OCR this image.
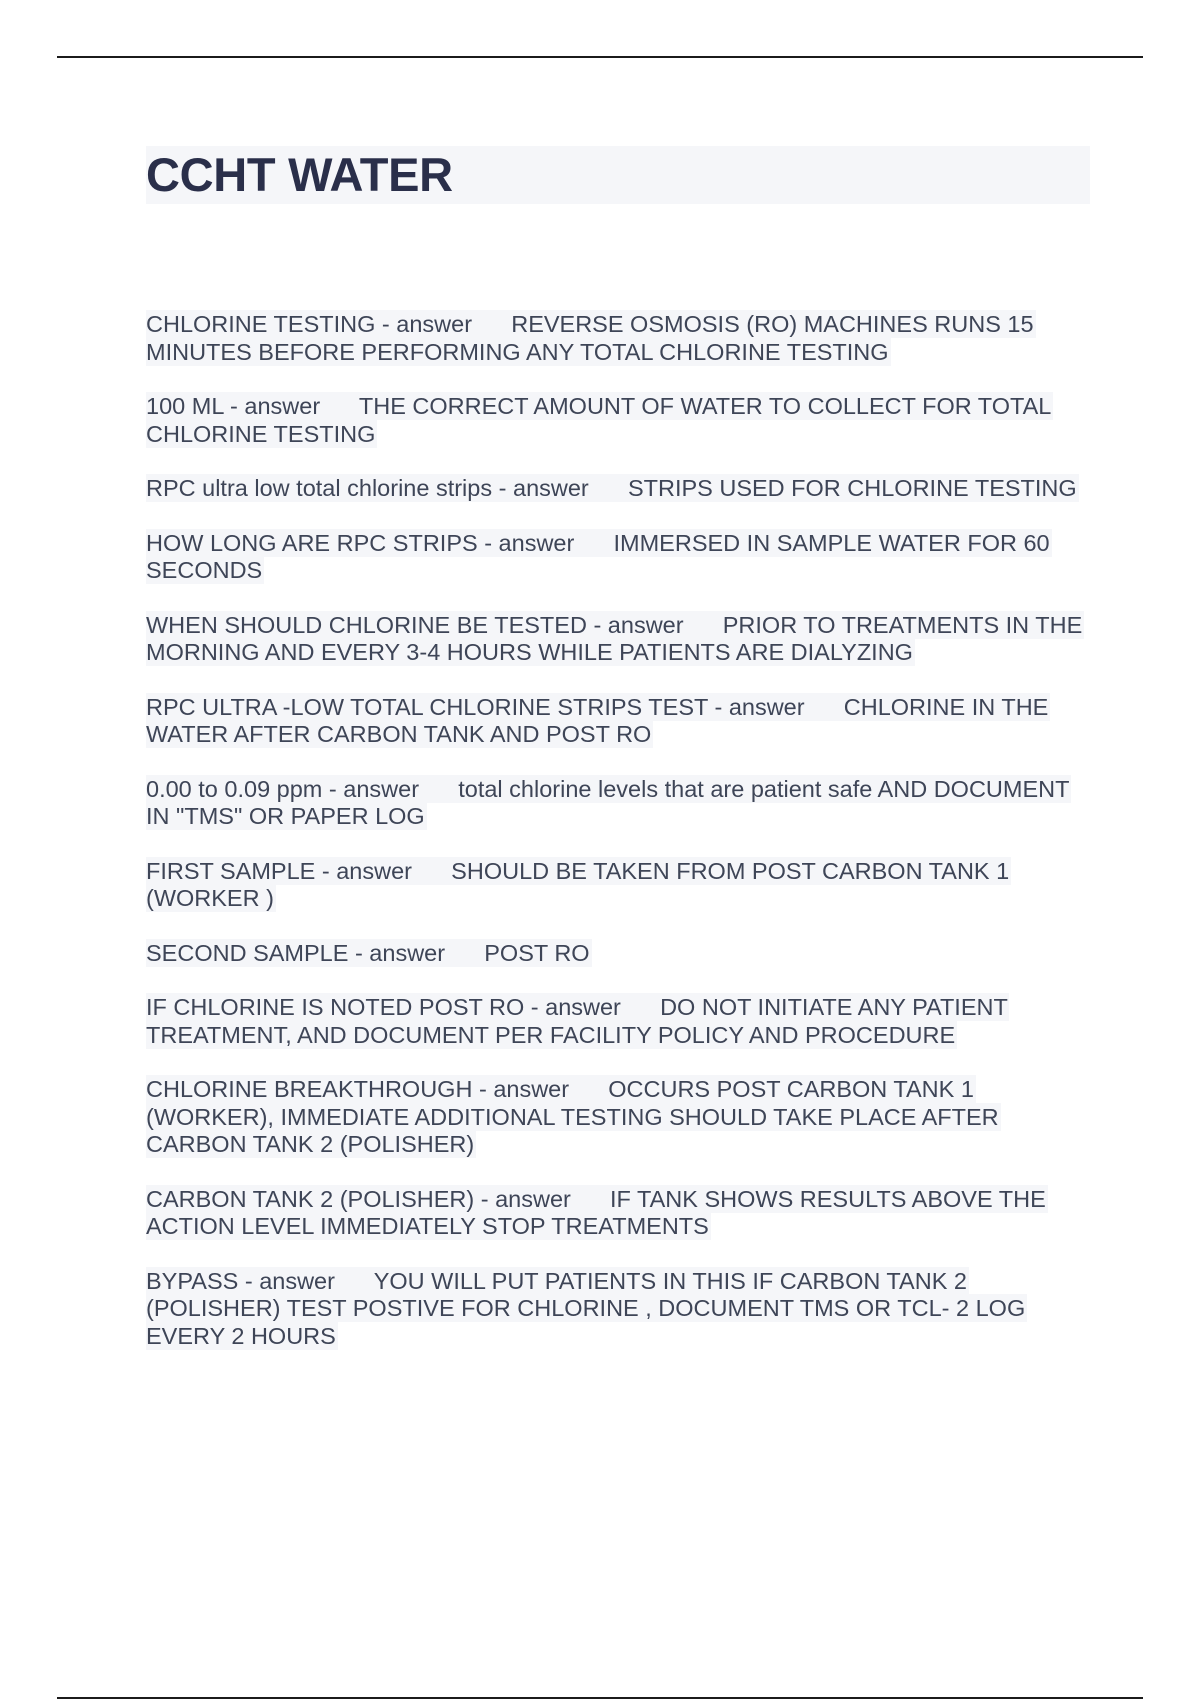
CCHT WATER

CHLORINE TESTING - answer REVERSE OSMOSIS (RO) MACHINES RUNS 15 MINUTES BEFORE PERFORMING ANY TOTAL CHLORINE TESTING

100 ML - answer THE CORRECT AMOUNT OF WATER TO COLLECT FOR TOTAL CHLORINE TESTING

RPC ultra low total chlorine strips - answer STRIPS USED FOR CHLORINE TESTING

HOW LONG ARE RPC STRIPS - answer IMMERSED IN SAMPLE WATER FOR 60 SECONDS

WHEN SHOULD CHLORINE BE TESTED - answer PRIOR TO TREATMENTS IN THE MORNING AND EVERY 3-4 HOURS WHILE PATIENTS ARE DIALYZING

RPC ULTRA -LOW TOTAL CHLORINE STRIPS TEST - answer CHLORINE IN THE WATER AFTER CARBON TANK AND POST RO

0.00 to 0.09 ppm - answer total chlorine levels that are patient safe AND DOCUMENT IN "TMS" OR PAPER LOG

FIRST SAMPLE - answer SHOULD BE TAKEN FROM POST CARBON TANK 1 (WORKER )

SECOND SAMPLE - answer POST RO

IF CHLORINE IS NOTED POST RO - answer DO NOT INITIATE ANY PATIENT TREATMENT, AND DOCUMENT PER FACILITY POLICY AND PROCEDURE

CHLORINE BREAKTHROUGH - answer OCCURS POST CARBON TANK 1 (WORKER), IMMEDIATE ADDITIONAL TESTING SHOULD TAKE PLACE AFTER CARBON TANK 2 (POLISHER)

CARBON TANK 2 (POLISHER) - answer IF TANK SHOWS RESULTS ABOVE THE ACTION LEVEL IMMEDIATELY STOP TREATMENTS

BYPASS - answer YOU WILL PUT PATIENTS IN THIS IF CARBON TANK 2 (POLISHER) TEST POSTIVE FOR CHLORINE , DOCUMENT TMS OR TCL- 2 LOG EVERY 2 HOURS
